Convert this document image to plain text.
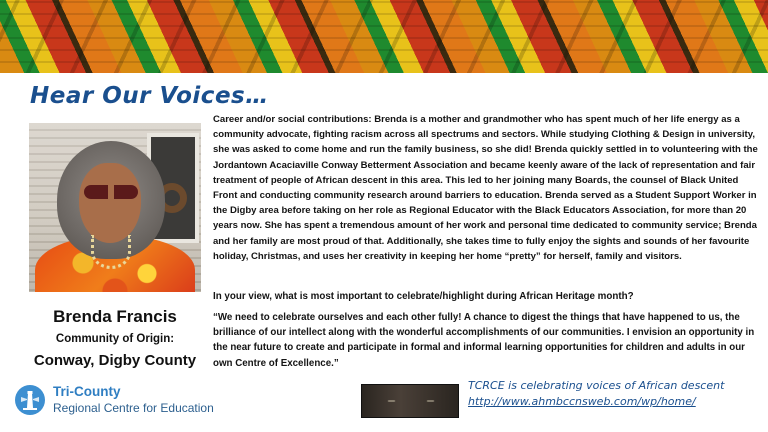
Hear Our Voices…
Brenda Francis
Community of Origin:
Conway, Digby County
Tri-County
Regional Centre for Education
Career and/or social contributions: Brenda is a mother and grandmother who has spent much of her life energy as a community advocate, fighting racism across all spectrums and sectors. While studying Clothing & Design in university, she was asked to come home and run the family business, so she did! Brenda quickly settled in to volunteering with the Jordantown Acaciaville Conway Betterment Association and became keenly aware of the lack of representation and fair treatment of people of African descent in this area. This led to her joining many Boards, the counsel of Black United Front and conducting community research around barriers to education. Brenda served as a Student Support Worker in the Digby area before taking on her role as Regional Educator with the Black Educators Association, for more than 20 years now. She has spent a tremendous amount of her work and personal time dedicated to community service; Brenda and her family are most proud of that. Additionally, she takes time to fully enjoy the sights and sounds of her favourite holiday, Christmas, and uses her creativity in keeping her home “pretty” for herself, family and visitors.
In your view, what is most important to celebrate/highlight during African Heritage month?
“We need to celebrate ourselves and each other fully! A chance to digest the things that have happened to us, the brilliance of our intellect along with the wonderful accomplishments of our communities. I envision an opportunity in the near future to create and participate in formal and informal learning opportunities for children and adults in our own Centre of Excellence.”
TCRCE is celebrating voices of African descent
http://www.ahmbccnsweb.com/wp/home/
